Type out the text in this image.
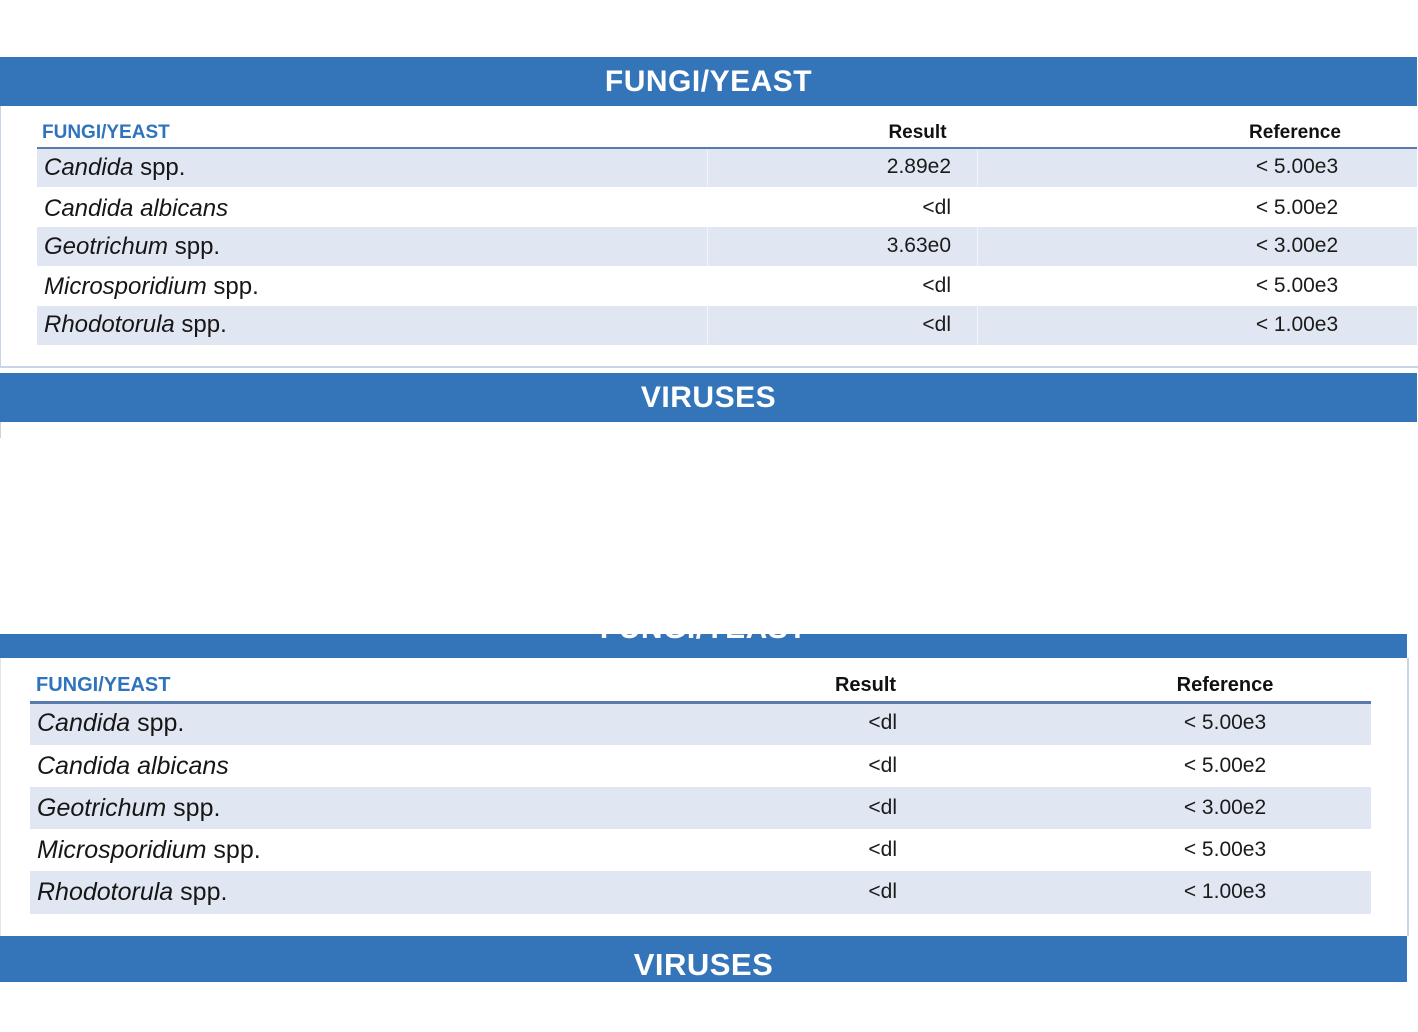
FUNGI/YEAST
FUNGI/YEAST	Result	Reference
Candida spp.	2.89e2	< 5.00e3
Candida albicans	<dl	< 5.00e2
Geotrichum spp.	3.63e0	< 3.00e2
Microsporidium spp.	<dl	< 5.00e3
Rhodotorula spp.	<dl	< 1.00e3
VIRUSES
FUNGI/YEAST
FUNGI/YEAST	Result	Reference
Candida spp.	<dl	< 5.00e3
Candida albicans	<dl	< 5.00e2
Geotrichum spp.	<dl	< 3.00e2
Microsporidium spp.	<dl	< 5.00e3
Rhodotorula spp.	<dl	< 1.00e3
VIRUSES
